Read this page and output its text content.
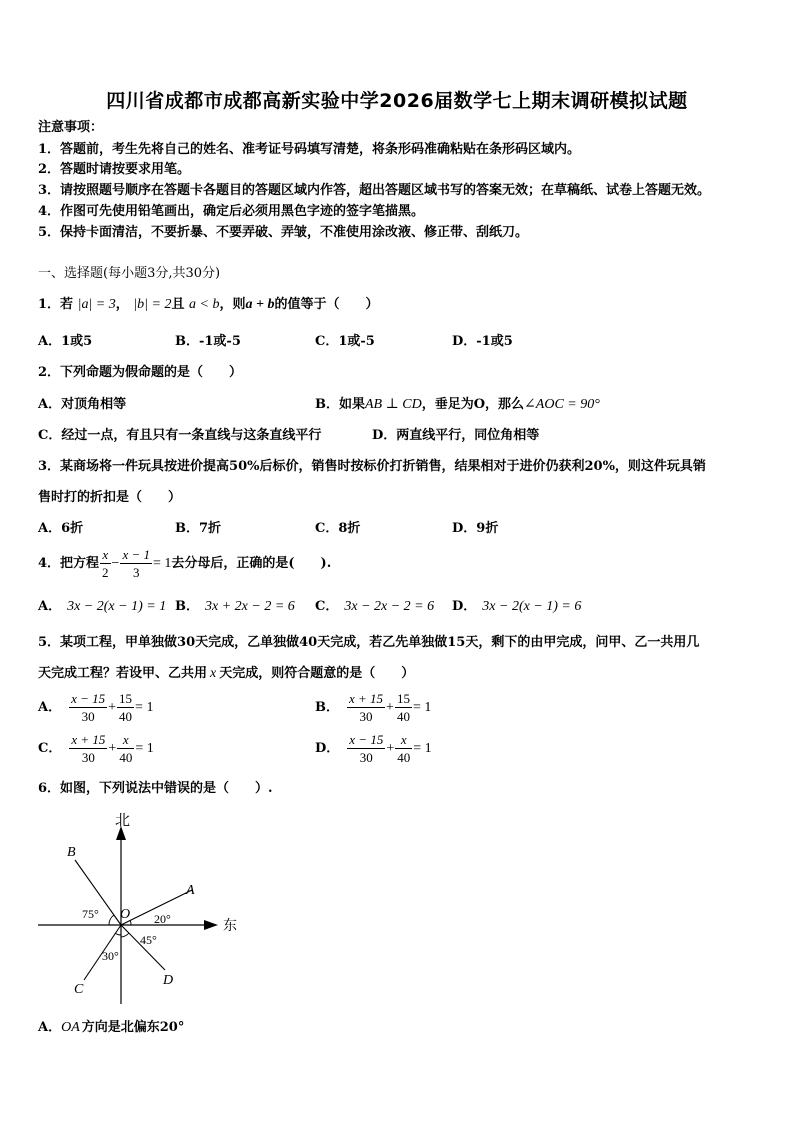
四川省成都市成都高新实验中学2026届数学七上期末调研模拟试题
注意事项：
1．答题前，考生先将自己的姓名、准考证号码填写清楚，将条形码准确粘贴在条形码区域内。
2．答题时请按要求用笔。
3．请按照题号顺序在答题卡各题目的答题区域内作答，超出答题区域书写的答案无效；在草稿纸、试卷上答题无效。
4．作图可先使用铅笔画出，确定后必须用黑色字迹的签字笔描黑。
5．保持卡面清洁，不要折暴、不要弄破、弄皱，不准使用涂改液、修正带、刮纸刀。
一、选择题(每小题3分,共30分)
1．若 |a| = 3， |b| = 2且 a < b，则a + b的值等于（　　）
A．1或5	B．-1或-5	C．1或-5	D．-1或5
2．下列命题为假命题的是（　　）
A．对顶角相等	B．如果AB ⊥ CD，垂足为O，那么∠AOC = 90°
C．经过一点，有且只有一条直线与这条直线平行	D．两直线平行，同位角相等
3．某商场将一件玩具按进价提高50%后标价，销售时按标价打折销售，结果相对于进价仍获利20%，则这件玩具销
售时打的折扣是（　　）
A．6折	B．7折	C．8折	D．9折
4．把方程 $\frac{x}{2} - \frac{x - 1}{3} = 1$去分母后，正确的是(　　).
A． 3x − 2(x − 1) = 1 B． 3x + 2x − 2 = 6 C． 3x − 2x − 2 = 6 D． 3x − 2(x − 1) = 6
5．某项工程，甲单独做30天完成，乙单独做40天完成，若乙先单独做15天，剩下的由甲完成，问甲、乙一共用几
天完成工程？若设甲、乙共用 x 天完成，则符合题意的是（　　）
A． $\frac{x - 15}{30} + \frac{15}{40} = 1$	B． $\frac{x + 15}{30} + \frac{15}{40} = 1$
C． $\frac{x + 15}{30} + \frac{x}{40} = 1$	D． $\frac{x - 15}{30} + \frac{x}{40} = 1$
6．如图，下列说法中错误的是（　　）.
北
东
O
A
B
C
D
75°	20°
45°
30°
A．OA 方向是北偏东20°
